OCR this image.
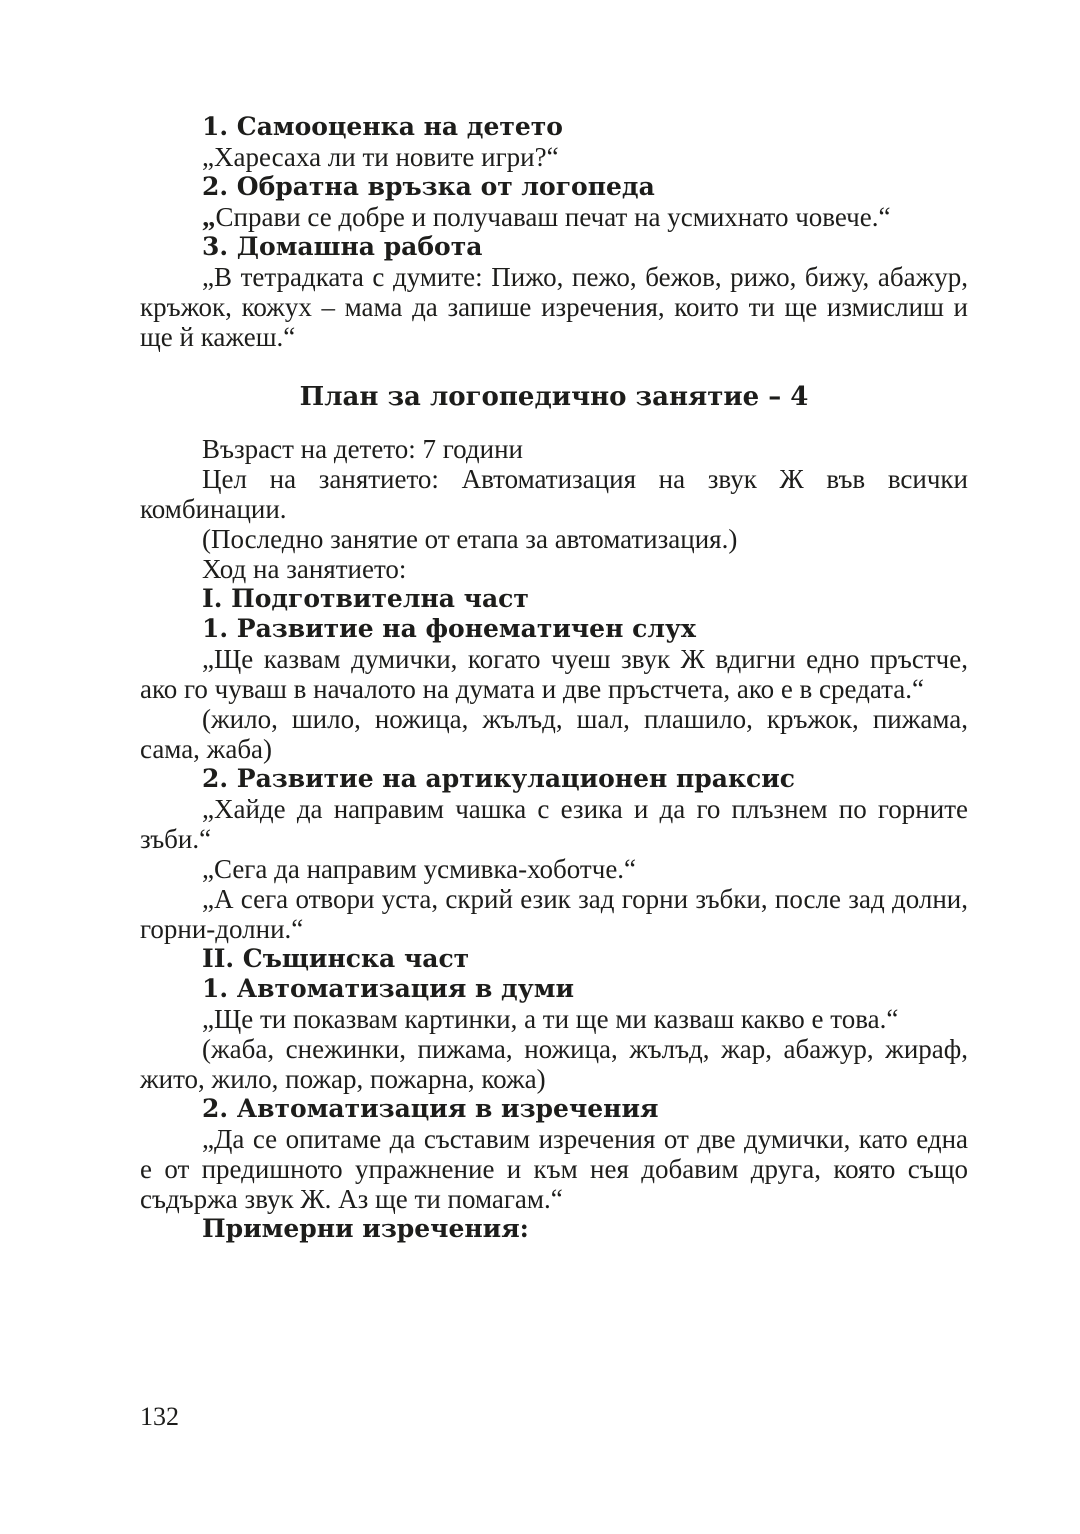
1. Самооценка на детето

„Харесаха ли ти новите игри?“

2. Обратна връзка от логопеда

„Справи се добре и получаваш печат на усмихнато човече.“

3. Домашна работа

„В тетрадката с думите: Пижо, пежо, бежов, рижо, бижу, абажур, кръжок, кожух – мама да запише изречения, които ти ще измислиш и ще й кажеш.“

План за логопедично занятие – 4

Възраст на детето: 7 години

Цел на занятието: Автоматизация на звук Ж във всички комбинации.

(Последно занятие от етапа за автоматизация.)

Ход на занятието:

I. Подготвителна част
1. Развитие на фонематичен слух

„Ще казвам думички, когато чуеш звук Ж вдигни едно пръстче, ако го чуваш в началото на думата и две пръстчета, ако е в средата.“

(жило, шило, ножица, жълъд, шал, плашило, кръжок, пижама, сама, жаба)

2. Развитие на артикулационен праксис

„Хайде да направим чашка с езика и да го плъзнем по горните зъби.“

„Сега да направим усмивка-хоботче.“

„А сега отвори уста, скрий език зад горни зъбки, после зад долни, горни-долни.“

II. Същинска част
1. Автоматизация в думи

„Ще ти показвам картинки, а ти ще ми казваш какво е това.“

(жаба, снежинки, пижама, ножица, жълъд, жар, абажур, жираф, жито, жило, пожар, пожарна, кожа)

2. Автоматизация в изречения

„Да се опитаме да съставим изречения от две думички, като една е от предишното упражнение и към нея добавим друга, която също съдържа звук Ж. Аз ще ти помагам.“

Примерни изречения:
132
